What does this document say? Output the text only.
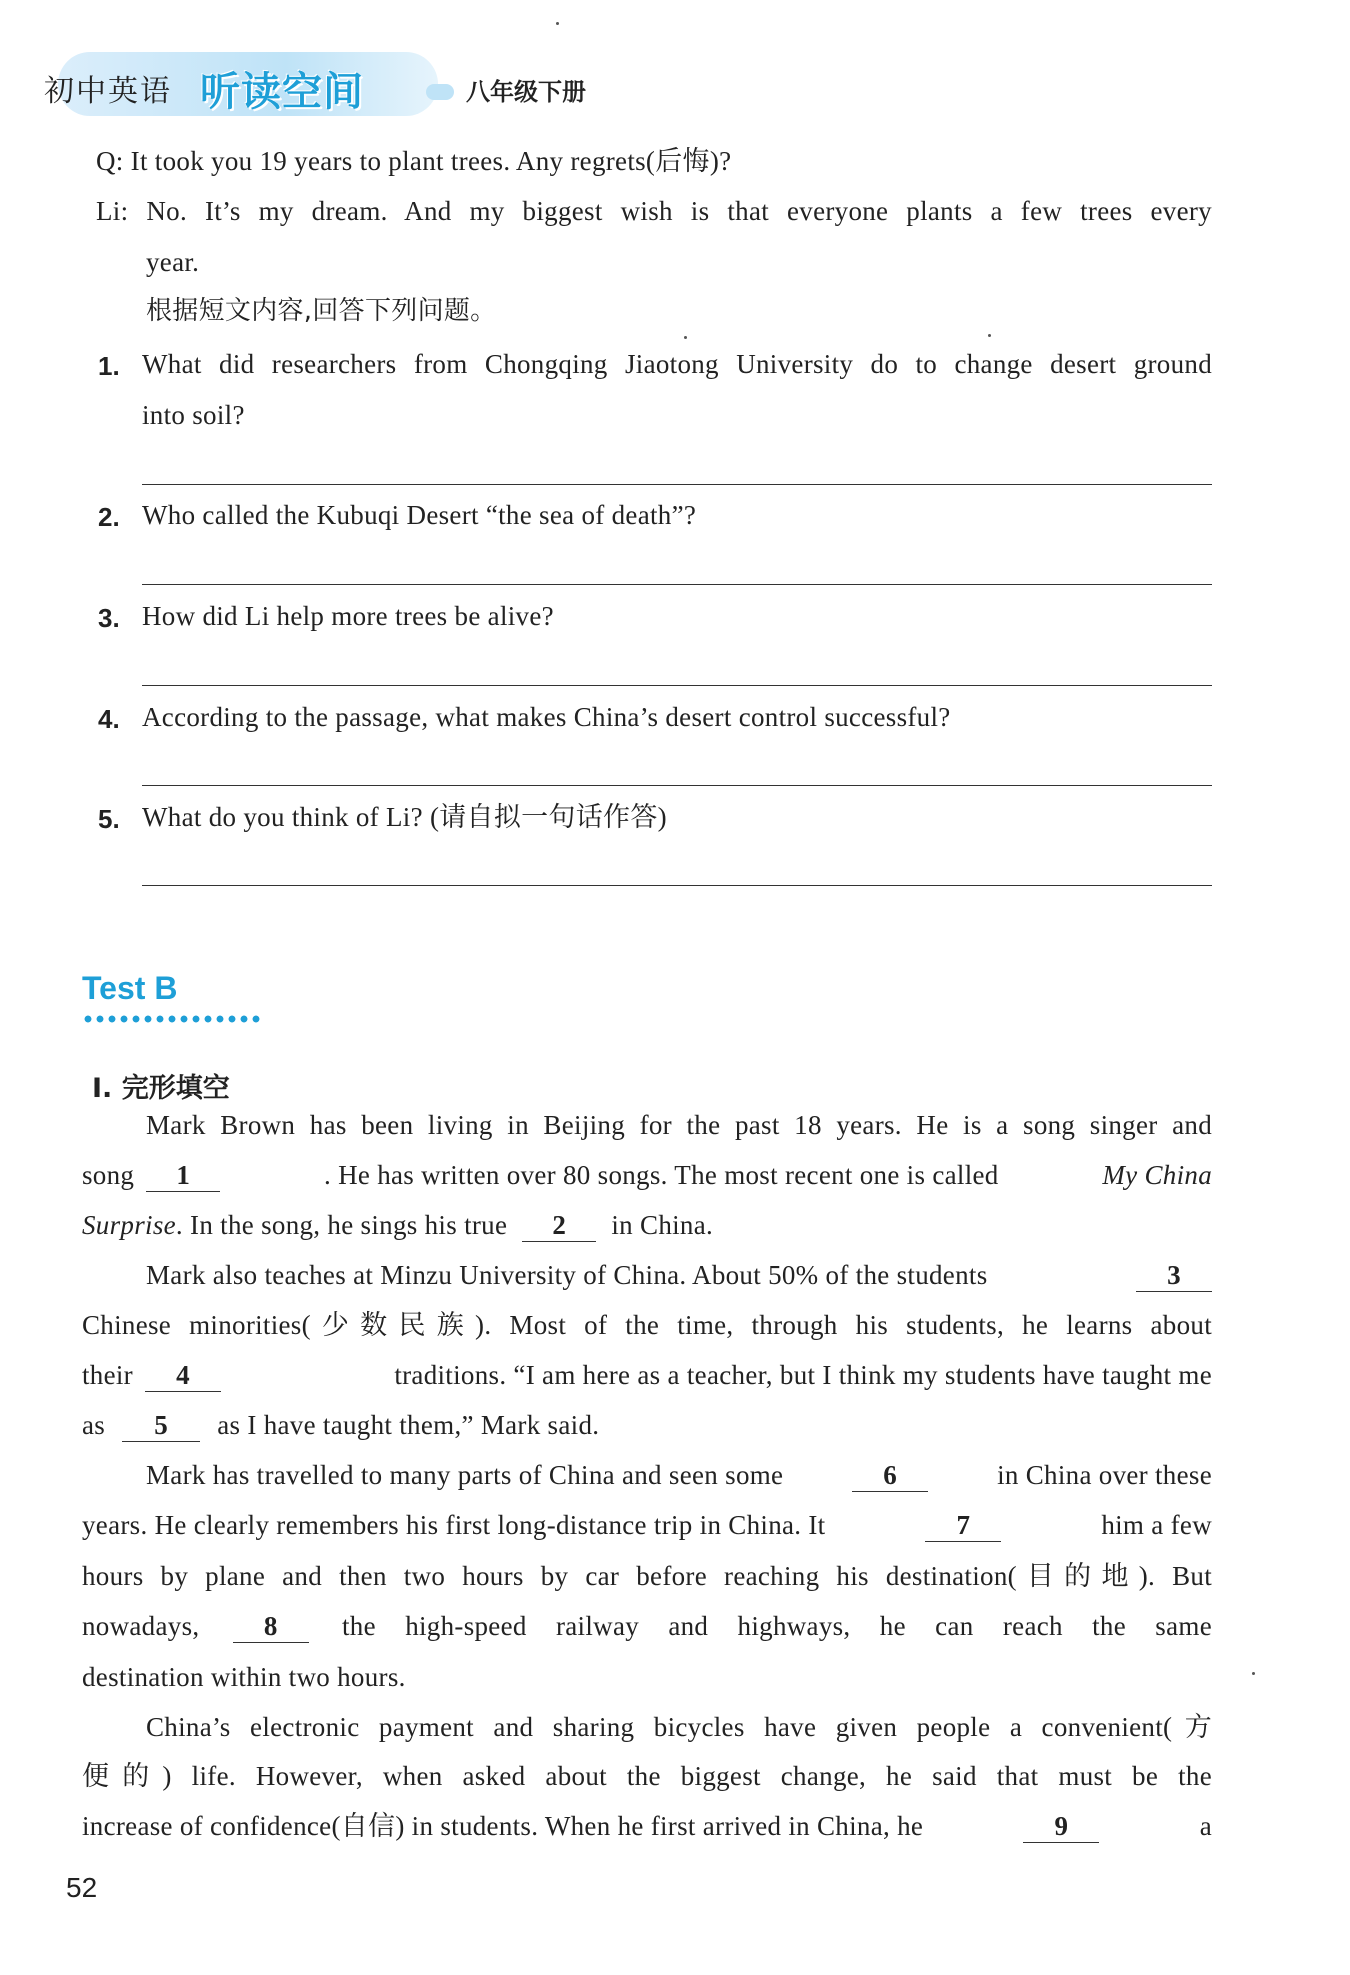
初中英语 听读空间	八年级下册
Q: It took you 19 years to plant trees. Any regrets(后悔)?
Li: No. It’s my dream. And my biggest wish is that everyone plants a few trees every
year.
根据短文内容,回答下列问题。
1. What did researchers from Chongqing Jiaotong University do to change desert ground
into soil?
2. Who called the Kubuqi Desert “the sea of death”?
3. How did Li help more trees be alive?
4. According to the passage, what makes China’s desert control successful?
5. What do you think of Li? (请自拟一句话作答)
Test B
Ⅰ. 完形填空
Mark Brown has been living in Beijing for the past 18 years. He is a song singer and
song	1	. He has written over 80 songs. The most recent one is called	My China
Surprise. In the song, he sings his true 2 in China.
Mark also teaches at Minzu University of China. About 50% of the students	3
Chinese minorities(少数民族). Most of the time, through his students, he learns about
their	4	traditions. “I am here as a teacher, but I think my students have taught me
as 5 as I have taught them,” Mark said.
Mark has travelled to many parts of China and seen some	6	in China over these
years. He clearly remembers his first long-distance trip in China. It	7	him a few
hours by plane and then two hours by car before reaching his destination(目的地). But
nowadays,	8	the high-speed railway and highways, he can reach the same
destination within two hours.
China’s electronic payment and sharing bicycles have given people a convenient(方
便的) life. However, when asked about the biggest change, he said that must be the
increase of confidence(自信) in students. When he first arrived in China, he	9	a
52
